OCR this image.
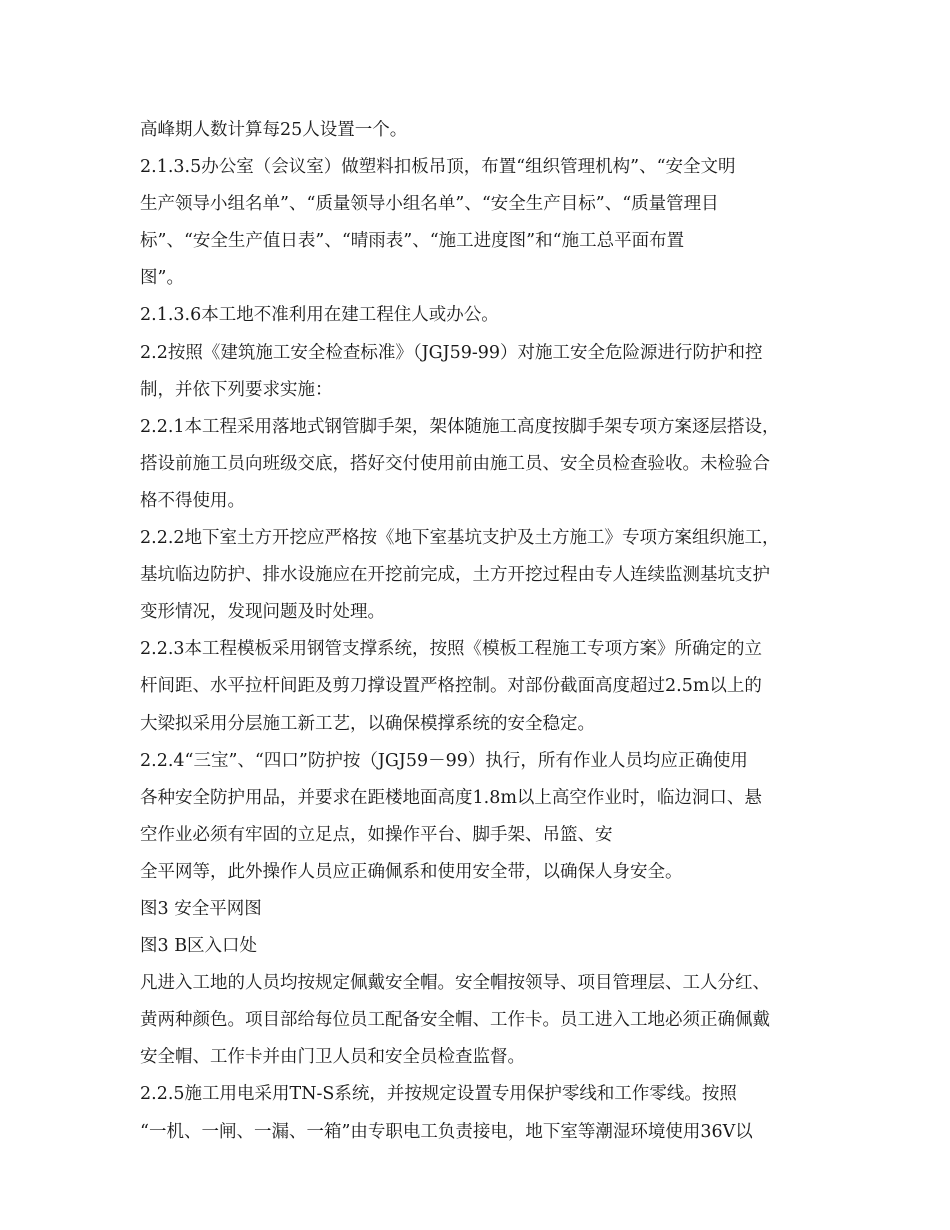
高峰期人数计算每25人设置一个。
2.1.3.5办公室（会议室）做塑料扣板吊顶，布置“组织管理机构”、“安全文明
生产领导小组名单”、“质量领导小组名单”、“安全生产目标”、“质量管理目
标”、“安全生产值日表”、“晴雨表”、“施工进度图”和“施工总平面布置
图”。
2.1.3.6本工地不准利用在建工程住人或办公。
2.2按照《建筑施工安全检查标准》（JGJ59-99）对施工安全危险源进行防护和控
制，并依下列要求实施：
2.2.1本工程采用落地式钢管脚手架，架体随施工高度按脚手架专项方案逐层搭设，
搭设前施工员向班级交底，搭好交付使用前由施工员、安全员检查验收。未检验合
格不得使用。
2.2.2地下室土方开挖应严格按《地下室基坑支护及土方施工》专项方案组织施工，
基坑临边防护、排水设施应在开挖前完成，土方开挖过程由专人连续监测基坑支护
变形情况，发现问题及时处理。
2.2.3本工程模板采用钢管支撑系统，按照《模板工程施工专项方案》所确定的立
杆间距、水平拉杆间距及剪刀撑设置严格控制。对部份截面高度超过2.5m以上的
大梁拟采用分层施工新工艺，以确保模撑系统的安全稳定。
2.2.4“三宝”、“四口”防护按（JGJ59－99）执行，所有作业人员均应正确使用
各种安全防护用品，并要求在距楼地面高度1.8m以上高空作业时，临边洞口、悬
空作业必须有牢固的立足点，如操作平台、脚手架、吊篮、安
全平网等，此外操作人员应正确佩系和使用安全带，以确保人身安全。
图3 安全平网图
图3 B区入口处
凡进入工地的人员均按规定佩戴安全帽。安全帽按领导、项目管理层、工人分红、
黄两种颜色。项目部给每位员工配备安全帽、工作卡。员工进入工地必须正确佩戴
安全帽、工作卡并由门卫人员和安全员检查监督。
2.2.5施工用电采用TN-S系统，并按规定设置专用保护零线和工作零线。按照
“一机、一闸、一漏、一箱”由专职电工负责接电，地下室等潮湿环境使用36V以
